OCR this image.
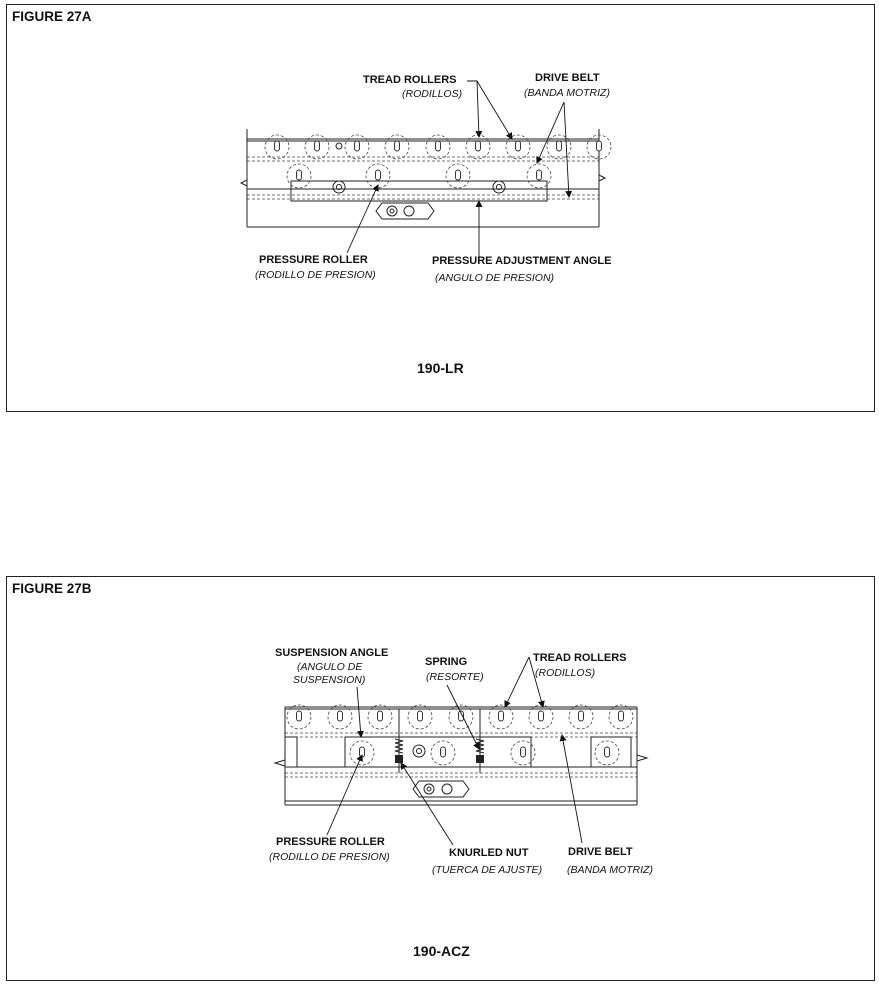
FIGURE 27A
190-LR
TREAD ROLLERS
(RODILLOS)
DRIVE BELT
(BANDA MOTRIZ)
PRESSURE ROLLER
(RODILLO DE PRESION)
PRESSURE ADJUSTMENT ANGLE
(ANGULO DE PRESION)
FIGURE 27B
190-ACZ
SUSPENSION ANGLE
(ANGULO DE
SUSPENSION)
SPRING
(RESORTE)
TREAD ROLLERS
(RODILLOS)
PRESSURE ROLLER
(RODILLO DE PRESION)	KNURLED NUT
(TUERCA DE AJUSTE)
DRIVE BELT
(BANDA MOTRIZ)
